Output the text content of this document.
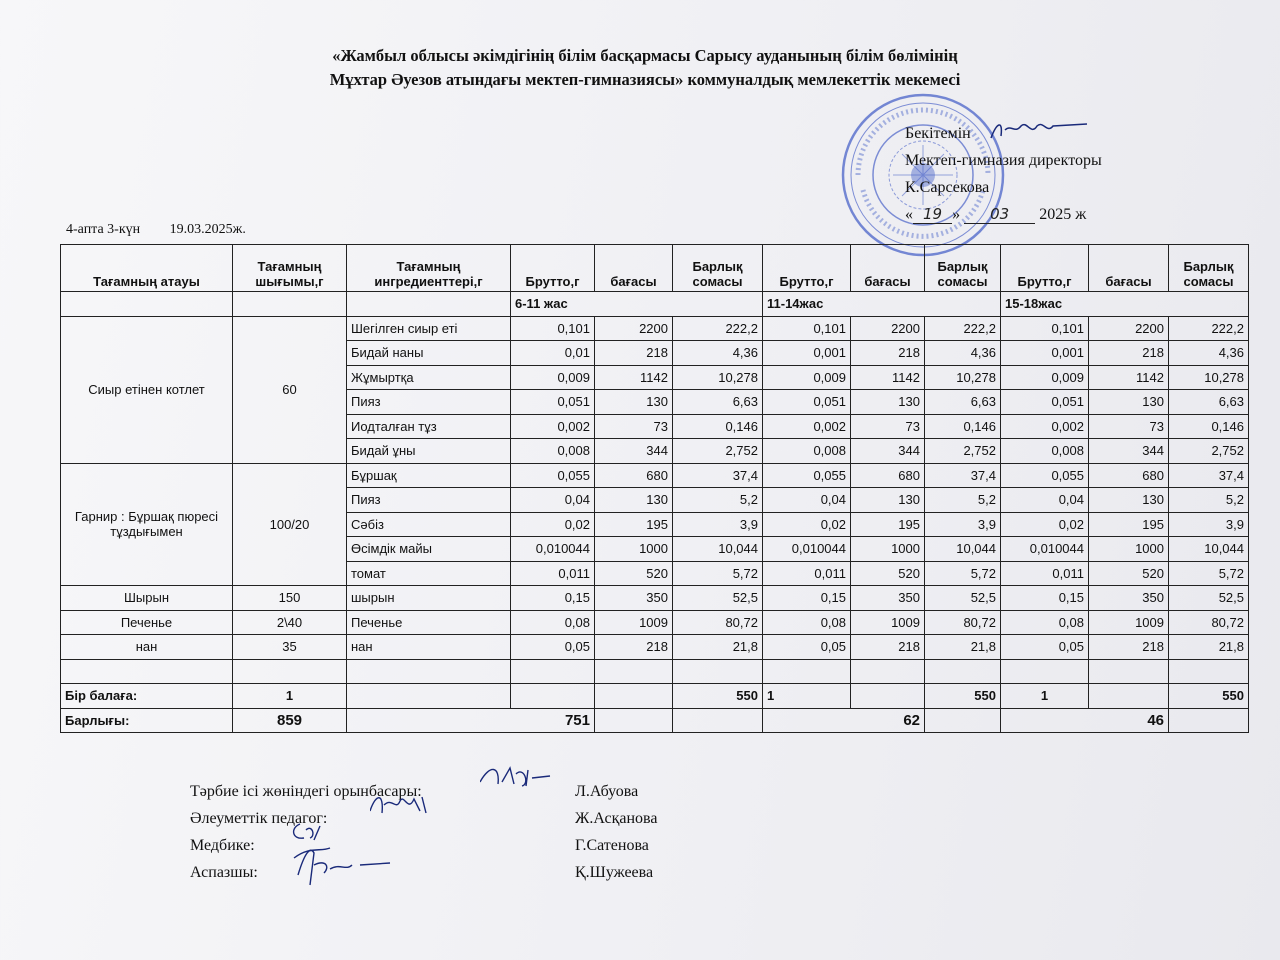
«Жамбыл облысы әкімдігінің білім басқармасы Сарысу ауданының білім бөлімінің
Мұхтар Әуезов атындағы мектеп-гимназиясы» коммуналдық мемлекеттік мекемесі
Бекітемін
Мектеп-гимназия директоры
К.Сарсекова
« 19 » 03 2025 ж
4-апта 3-күн 19.03.2025ж.
Тағамның атауы	Тағамның шығымы,г	Тағамның ингредиенттері,г	Брутто,г	бағасы	Барлық сомасы	Брутто,г	бағасы	Барлық сомасы	Брутто,г	бағасы	Барлық сомасы
			6-11 жас			11-14жас			15-18жас		
Сиыр етінен котлет	60	Шегілген сиыр еті	0,101	2200	222,2	0,101	2200	222,2	0,101	2200	222,2
		Бидай наны	0,01	218	4,36	0,001	218	4,36	0,001	218	4,36
		Жұмыртқа	0,009	1142	10,278	0,009	1142	10,278	0,009	1142	10,278
		Пияз	0,051	130	6,63	0,051	130	6,63	0,051	130	6,63
		Иодталған тұз	0,002	73	0,146	0,002	73	0,146	0,002	73	0,146
		Бидай ұны	0,008	344	2,752	0,008	344	2,752	0,008	344	2,752
Гарнир : Бұршақ пюресі тұздығымен	100/20	Бұршақ	0,055	680	37,4	0,055	680	37,4	0,055	680	37,4
		Пияз	0,04	130	5,2	0,04	130	5,2	0,04	130	5,2
		Сәбіз	0,02	195	3,9	0,02	195	3,9	0,02	195	3,9
		Өсімдік майы	0,010044	1000	10,044	0,010044	1000	10,044	0,010044	1000	10,044
		томат	0,011	520	5,72	0,011	520	5,72	0,011	520	5,72
Шырын	150	шырын	0,15	350	52,5	0,15	350	52,5	0,15	350	52,5
Печенье	2\40	Печенье	0,08	1009	80,72	0,08	1009	80,72	0,08	1009	80,72
нан	35	нан	0,05	218	21,8	0,05	218	21,8	0,05	218	21,8

Бір балаға:	1				550	1		550	1		550
Барлығы:	859	751				62			46		
Тәрбие ісі жөніндегі орынбасары:	Л.Абуова
Әлеуметтік педагог:	Ж.Асқанова
Медбике:	Г.Сатенова
Аспазшы:	Қ.Шужеева
